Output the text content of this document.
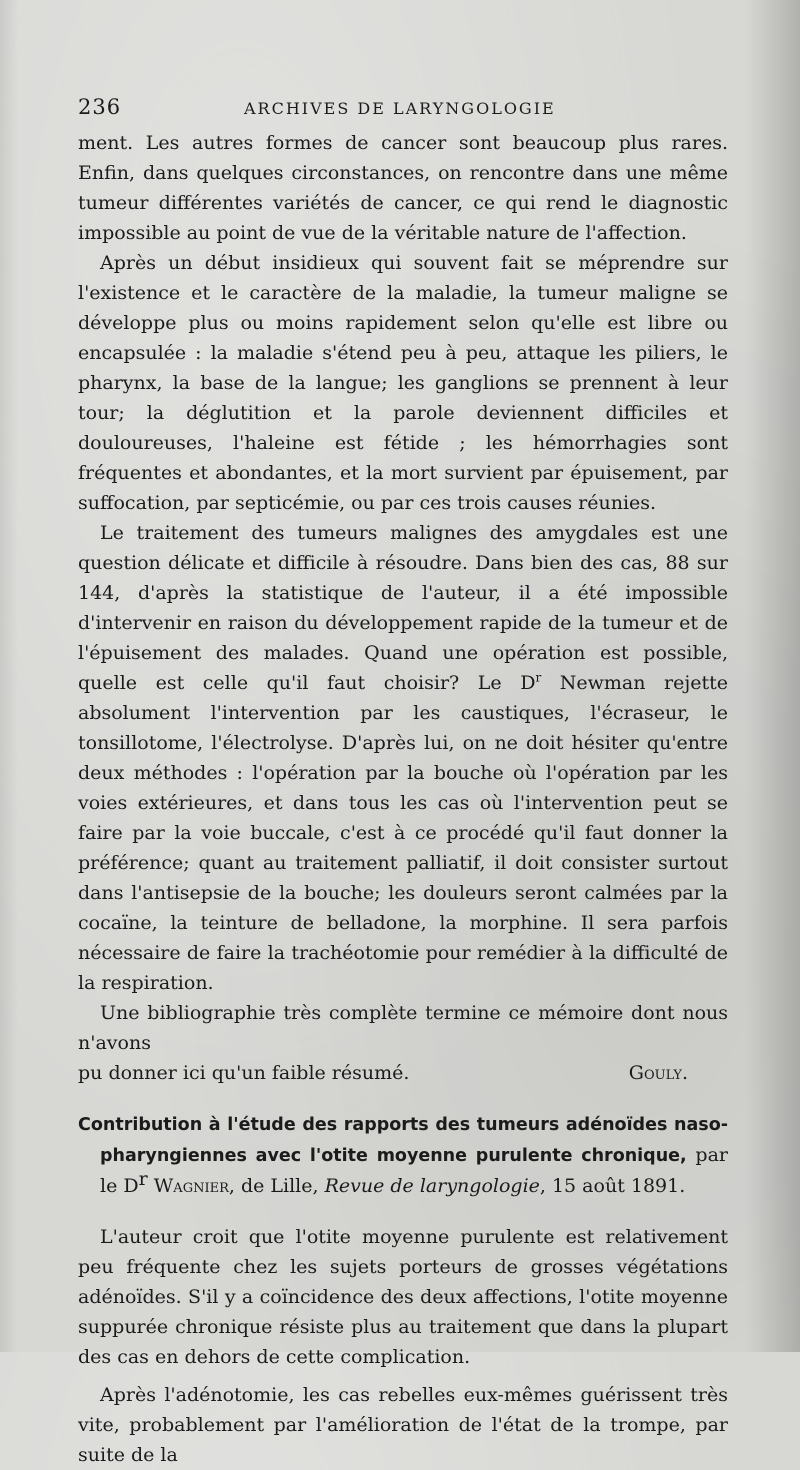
236	ARCHIVES DE LARYNGOLOGIE

ment. Les autres formes de cancer sont beaucoup plus rares. Enfin, dans quelques circonstances, on rencontre dans une même tumeur différentes variétés de cancer, ce qui rend le diagnostic impossible au point de vue de la véritable nature de l'affection.

Après un début insidieux qui souvent fait se méprendre sur l'existence et le caractère de la maladie, la tumeur maligne se développe plus ou moins rapidement selon qu'elle est libre ou encapsulée : la maladie s'étend peu à peu, attaque les piliers, le pharynx, la base de la langue; les ganglions se prennent à leur tour; la déglutition et la parole deviennent difficiles et douloureuses, l'haleine est fétide ; les hémorrhagies sont fréquentes et abondantes, et la mort survient par épuisement, par suffocation, par septicémie, ou par ces trois causes réunies.

Le traitement des tumeurs malignes des amygdales est une question délicate et difficile à résoudre. Dans bien des cas, 88 sur 144, d'après la statistique de l'auteur, il a été impossible d'intervenir en raison du développement rapide de la tumeur et de l'épuisement des malades. Quand une opération est possible, quelle est celle qu'il faut choisir? Le $D^r$ Newman rejette absolument l'intervention par les caustiques, l'écraseur, le tonsillotome, l'électrolyse. D'après lui, on ne doit hésiter qu'entre deux méthodes : l'opération par la bouche où l'opération par les voies extérieures, et dans tous les cas où l'intervention peut se faire par la voie buccale, c'est à ce procédé qu'il faut donner la préférence; quant au traitement palliatif, il doit consister surtout dans l'antisepsie de la bouche; les douleurs seront calmées par la cocaïne, la teinture de belladone, la morphine. Il sera parfois nécessaire de faire la trachéotomie pour remédier à la difficulté de la respiration.

Une bibliographie très complète termine ce mémoire dont nous n'avons

pu donner ici qu'un faible résumé.	Gouly.

Contribution à l'étude des rapports des tumeurs adénoïdes naso-pharyngiennes avec l'otite moyenne purulente chronique, par le $D^r$ Wagnier, de Lille, Revue de laryngologie, 15 août 1891.

L'auteur croit que l'otite moyenne purulente est relativement peu fréquente chez les sujets porteurs de grosses végétations adénoïdes. S'il y a coïncidence des deux affections, l'otite moyenne suppurée chronique résiste plus au traitement que dans la plupart des cas en dehors de cette complication.

Après l'adénotomie, les cas rebelles eux-mêmes guérissent très vite, probablement par l'amélioration de l'état de la trompe, par suite de la
